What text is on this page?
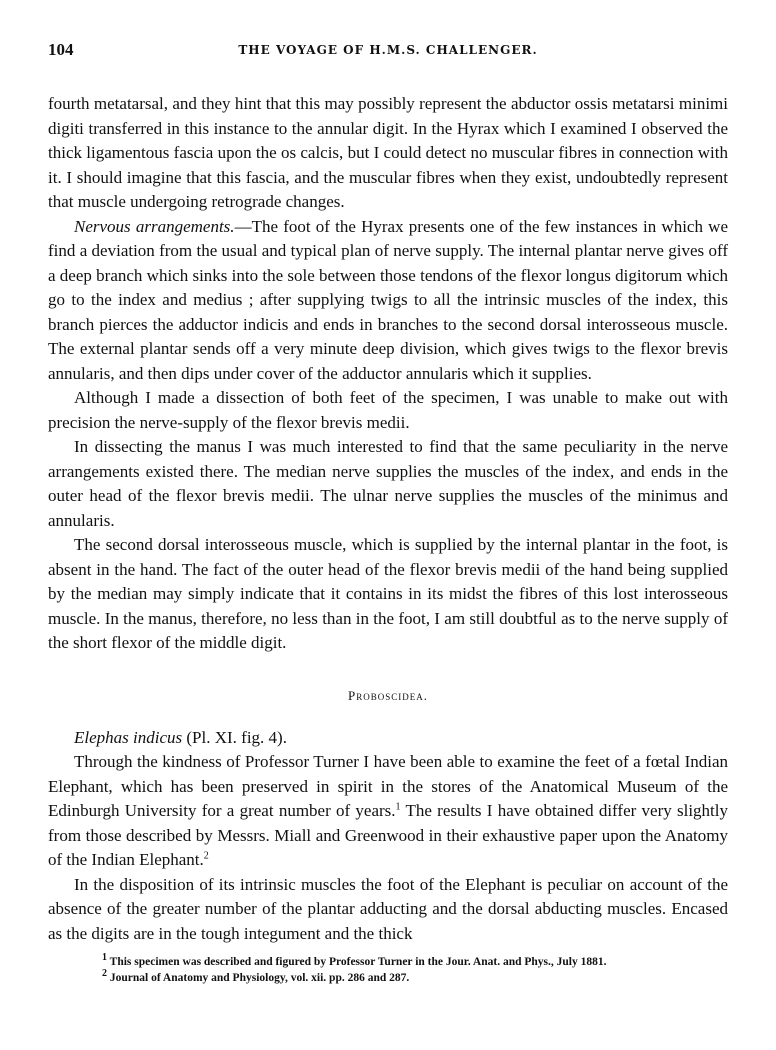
104	THE VOYAGE OF H.M.S. CHALLENGER.

fourth metatarsal, and they hint that this may possibly represent the abductor ossis metatarsi minimi digiti transferred in this instance to the annular digit. In the Hyrax which I examined I observed the thick ligamentous fascia upon the os calcis, but I could detect no muscular fibres in connection with it. I should imagine that this fascia, and the muscular fibres when they exist, undoubtedly represent that muscle undergoing retrograde changes.

Nervous arrangements.—The foot of the Hyrax presents one of the few instances in which we find a deviation from the usual and typical plan of nerve supply. The internal plantar nerve gives off a deep branch which sinks into the sole between those tendons of the flexor longus digitorum which go to the index and medius ; after supplying twigs to all the intrinsic muscles of the index, this branch pierces the adductor indicis and ends in branches to the second dorsal interosseous muscle. The external plantar sends off a very minute deep division, which gives twigs to the flexor brevis annularis, and then dips under cover of the adductor annularis which it supplies.

Although I made a dissection of both feet of the specimen, I was unable to make out with precision the nerve-supply of the flexor brevis medii.

In dissecting the manus I was much interested to find that the same peculiarity in the nerve arrangements existed there. The median nerve supplies the muscles of the index, and ends in the outer head of the flexor brevis medii. The ulnar nerve supplies the muscles of the minimus and annularis.

The second dorsal interosseous muscle, which is supplied by the internal plantar in the foot, is absent in the hand. The fact of the outer head of the flexor brevis medii of the hand being supplied by the median may simply indicate that it contains in its midst the fibres of this lost interosseous muscle. In the manus, therefore, no less than in the foot, I am still doubtful as to the nerve supply of the short flexor of the middle digit.

Proboscidea.
Elephas indicus (Pl. XI. fig. 4).

Through the kindness of Professor Turner I have been able to examine the feet of a fœtal Indian Elephant, which has been preserved in spirit in the stores of the Anatomical Museum of the Edinburgh University for a great number of years.$^1$ The results I have obtained differ very slightly from those described by Messrs. Miall and Greenwood in their exhaustive paper upon the Anatomy of the Indian Elephant.$^2$

In the disposition of its intrinsic muscles the foot of the Elephant is peculiar on account of the absence of the greater number of the plantar adducting and the dorsal abducting muscles. Encased as the digits are in the tough integument and the thick

$^1$ This specimen was described and figured by Professor Turner in the Jour. Anat. and Phys., July 1881.
$^2$ Journal of Anatomy and Physiology, vol. xii. pp. 286 and 287.
